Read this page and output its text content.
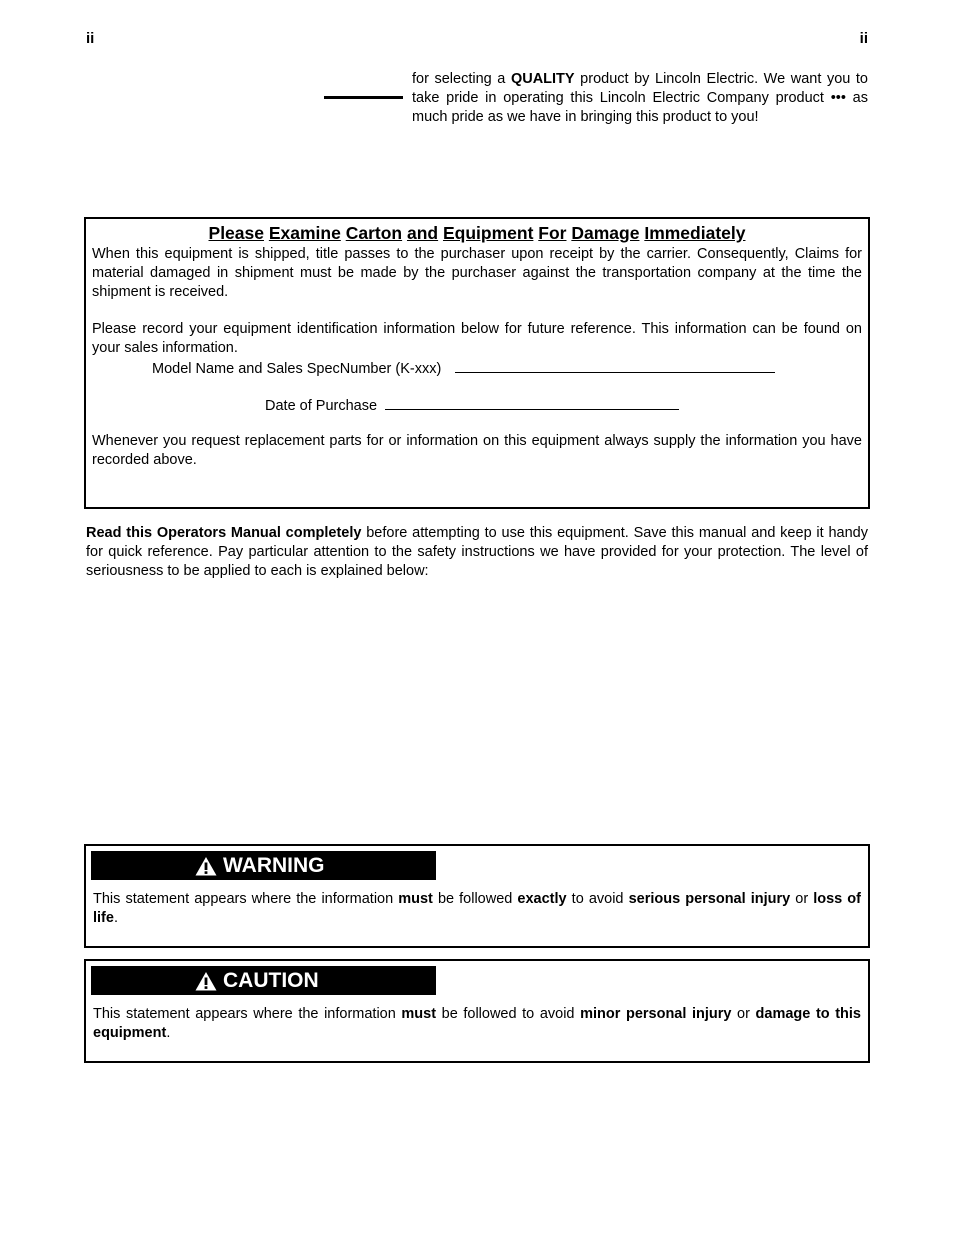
ii	ii
for selecting a QUALITY product by Lincoln Electric. We want you to take pride in operating this Lincoln Electric Company product ••• as much pride as we have in bringing this product to you!
Please Examine Carton and Equipment For Damage Immediately
When this equipment is shipped, title passes to the purchaser upon receipt by the carrier. Consequently, Claims for material damaged in shipment must be made by the purchaser against the transportation company at the time the shipment is received.
Please record your equipment identification information below for future reference. This information can be found on your sales information.
Model Name and Sales SpecNumber (K-xxx)
Date of Purchase
Whenever you request replacement parts for or information on this equipment always supply the information you have recorded above.
Read this Operators Manual completely before attempting to use this equipment. Save this manual and keep it handy for quick reference. Pay particular attention to the safety instructions we have provided for your protection. The level of seriousness to be applied to each is explained below:
WARNING
This statement appears where the information must be followed exactly to avoid serious personal injury or loss of life.
CAUTION
This statement appears where the information must be followed to avoid minor personal injury or damage to this equipment.
